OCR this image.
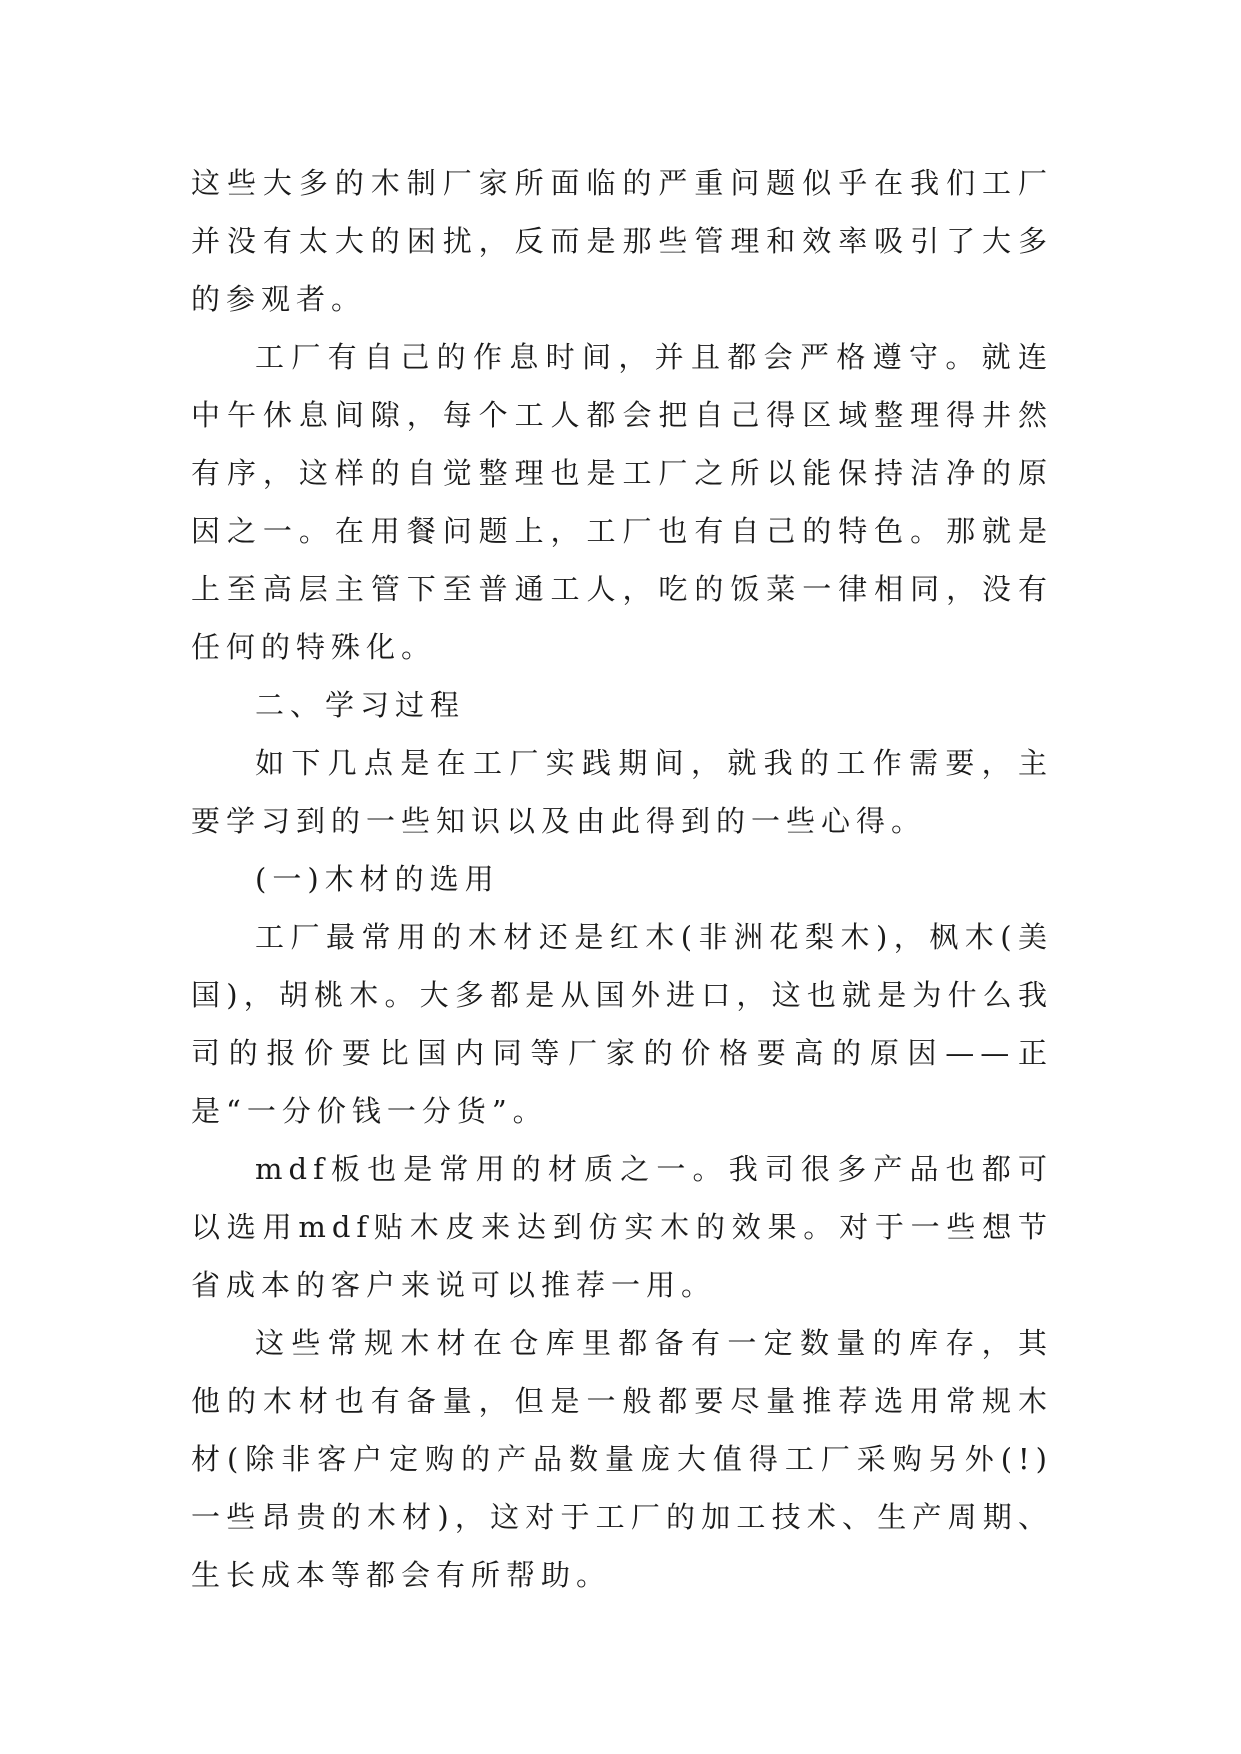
这些大多的木制厂家所面临的严重问题似乎在我们工厂并没有太大的困扰，反而是那些管理和效率吸引了大多的参观者。

工厂有自己的作息时间，并且都会严格遵守。就连中午休息间隙，每个工人都会把自己得区域整理得井然有序，这样的自觉整理也是工厂之所以能保持洁净的原因之一。在用餐问题上，工厂也有自己的特色。那就是上至高层主管下至普通工人，吃的饭菜一律相同，没有任何的特殊化。

二、学习过程

如下几点是在工厂实践期间，就我的工作需要，主要学习到的一些知识以及由此得到的一些心得。

(一)木材的选用

工厂最常用的木材还是红木(非洲花梨木)，枫木(美国)，胡桃木。大多都是从国外进口，这也就是为什么我司的报价要比国内同等厂家的价格要高的原因——正是“一分价钱一分货”。

mdf板也是常用的材质之一。我司很多产品也都可以选用mdf贴木皮来达到仿实木的效果。对于一些想节省成本的客户来说可以推荐一用。

这些常规木材在仓库里都备有一定数量的库存，其他的木材也有备量，但是一般都要尽量推荐选用常规木材(除非客户定购的产品数量庞大值得工厂采购另外(!)一些昂贵的木材)，这对于工厂的加工技术、生产周期、生长成本等都会有所帮助。
